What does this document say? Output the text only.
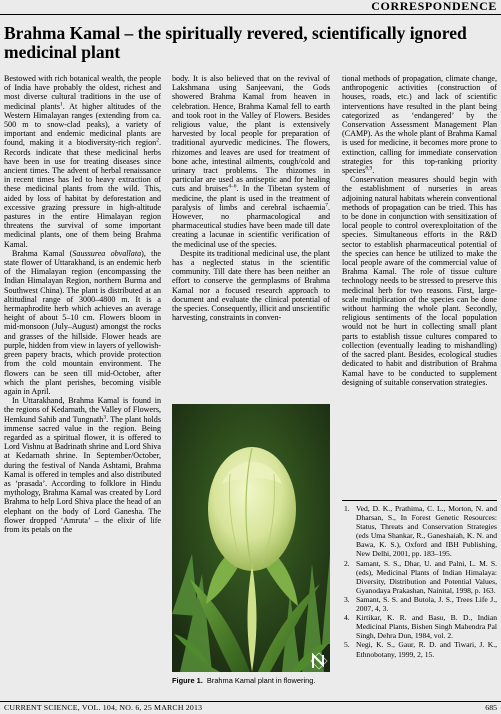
CORRESPONDENCE
Brahma Kamal – the spiritually revered, scientifically ignored medicinal plant

Bestowed with rich botanical wealth, the people of India have probably the oldest, richest and most diverse cultural traditions in the use of medicinal plants$^1$. At higher altitudes of the Western Himalayan ranges (extending from ca. 500 m to snow-clad peaks), a variety of important and endemic medicinal plants are found, making it a biodiversity-rich region$^2$. Records indicate that these medicinal herbs have been in use for treating diseases since ancient times. The advent of herbal renaissance in recent times has led to heavy extraction of these medicinal plants from the wild. This, aided by loss of habitat by deforestation and excessive grazing pressure in high-altitude pastures in the entire Himalayan region threatens the survival of some important medicinal plants, one of them being Brahma Kamal.

Brahma Kamal (Saussurea obvallata), the state flower of Uttarakhand, is an endemic herb of the Himalayan region (encompassing the Indian Himalayan Region, northern Burma and Southwest China). The plant is distributed at an altitudinal range of 3000–4800 m. It is a hermaphrodite herb which achieves an average height of about 5–10 cm. Flowers bloom in mid-monsoon (July–August) amongst the rocks and grasses of the hillside. Flower heads are purple, hidden from view in layers of yellowish-green papery bracts, which provide protection from the cold mountain environment. The flowers can be seen till mid-October, after which the plant perishes, becoming visible again in April.

In Uttarakhand, Brahma Kamal is found in the regions of Kedarnath, the Valley of Flowers, Hemkund Sahib and Tungnath$^3$. The plant holds immense sacred value in the region. Being regarded as a spiritual flower, it is offered to Lord Vishnu at Badrinath shrine and Lord Shiva at Kedarnath shrine. In September/October, during the festival of Nanda Ashtami, Brahma Kamal is offered in temples and also distributed as ‘prasada’. According to folklore in Hindu mythology, Brahma Kamal was created by Lord Brahma to help Lord Shiva place the head of an elephant on the body of Lord Ganesha. The flower dropped ‘Amruta’ – the elixir of life from its petals on the

body. It is also believed that on the revival of Lakshmana using Sanjeevani, the Gods showered Brahma Kamal from heaven in celebration. Hence, Brahma Kamal fell to earth and took root in the Valley of Flowers. Besides religious value, the plant is extensively harvested by local people for preparation of traditional ayurvedic medicines. The flowers, rhizomes and leaves are used for treatment of bone ache, intestinal ailments, cough/cold and urinary tract problems. The rhizomes in particular are used as antiseptic and for healing cuts and bruises$^{4-6}$. In the Tibetan system of medicine, the plant is used in the treatment of paralysis of limbs and cerebral ischaemia$^7$. However, no pharmacological and pharmaceutical studies have been made till date creating a lacunae in scientific verification of the medicinal use of the species.

Despite its traditional medicinal use, the plant has a neglected status in the scientific community. Till date there has been neither an effort to conserve the germplasms of Brahma Kamal nor a focused research approach to document and evaluate the clinical potential of the species. Consequently, illicit and unscientific harvesting, constraints in conven-

Figure 1. Brahma Kamal plant in flowering.

tional methods of propagation, climate change, anthropogenic activities (construction of houses, roads, etc.) and lack of scientific interventions have resulted in the plant being categorized as ‘endangered’ by the Conservation Assessment Management Plan (CAMP). As the whole plant of Brahma Kamal is used for medicine, it becomes more prone to extinction, calling for immediate conservation strategies for this top-ranking priority species$^{8,9}$.

Conservation measures should begin with the establishment of nurseries in areas adjoining natural habitats wherein conventional methods of propagation can be tried. This has to be done in conjunction with sensitization of local people to control overexploitation of the species. Simultaneous efforts in the R&D sector to establish pharmaceutical potential of the species can hence be utilized to make the local people aware of the commercial value of Brahma Kamal. The role of tissue culture technology needs to be stressed to preserve this medicinal herb for two reasons. First, large-scale multiplication of the species can be done without harming the whole plant. Secondly, religious sentiments of the local population would not be hurt in collecting small plant parts to establish tissue cultures compared to collection (eventually leading to mishandling) of the sacred plant. Besides, ecological studies dedicated to habit and distribution of Brahma Kamal have to be conducted to supplement designing of suitable conservation strategies.

1. Ved, D. K., Prathima, C. L., Morton, N. and Dharsan, S., In Forest Genetic Resources: Status, Threats and Conservation Strategies (eds Uma Shankar, R., Ganeshaiah, K. N. and Bawa, K. S.), Oxford and IBH Publishing, New Delhi, 2001, pp. 183–195.
2. Samant, S. S., Dhar, U. and Palni, L. M. S. (eds), Medicinal Plants of Indian Himalaya: Diversity, Distribution and Potential Values, Gyanodaya Prakashan, Nainital, 1998, p. 163.
3. Samant, S. S. and Butola, J. S., Trees Life J., 2007, 4, 3.
4. Kirtikar, K. R. and Basu, B. D., Indian Medicinal Plants, Bishen Singh Mahendra Pal Singh, Dehra Dun, 1984, vol. 2.
5. Negi, K. S., Gaur, R. D. and Tiwari, J. K., Ethnobotany, 1999, 2, 15.
CURRENT SCIENCE, VOL. 104, NO. 6, 25 MARCH 2013	685
